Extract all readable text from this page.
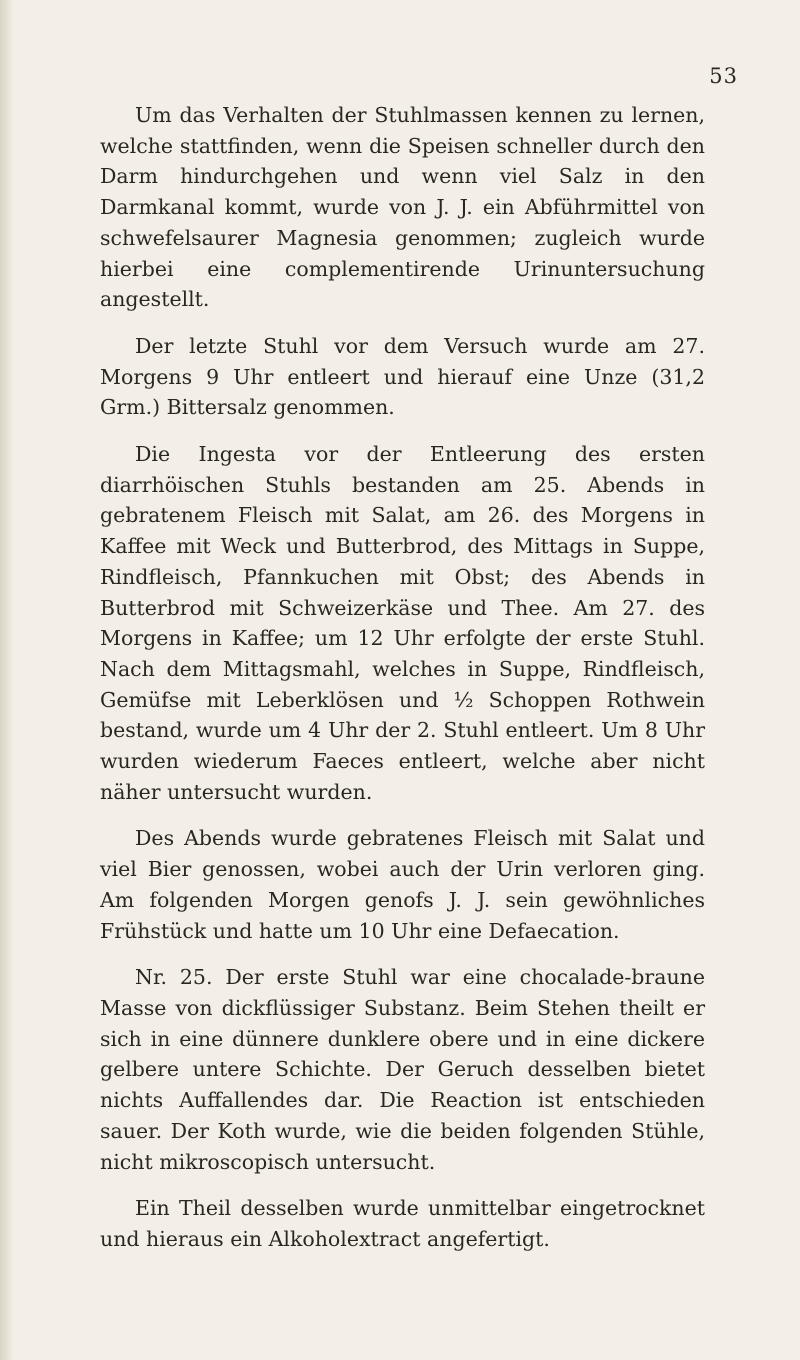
53

Um das Verhalten der Stuhlmassen kennen zu lernen, welche stattfinden, wenn die Speisen schneller durch den Darm hindurchgehen und wenn viel Salz in den Darmkanal kommt, wurde von J. J. ein Abführmittel von schwefelsaurer Magnesia genommen; zugleich wurde hierbei eine complementirende Urinuntersuchung angestellt.

Der letzte Stuhl vor dem Versuch wurde am 27. Morgens 9 Uhr entleert und hierauf eine Unze (31,2 Grm.) Bittersalz genommen.

Die Ingesta vor der Entleerung des ersten diarrhöischen Stuhls bestanden am 25. Abends in gebratenem Fleisch mit Salat, am 26. des Morgens in Kaffee mit Weck und Butterbrod, des Mittags in Suppe, Rindfleisch, Pfannkuchen mit Obst; des Abends in Butterbrod mit Schweizerkäse und Thee. Am 27. des Morgens in Kaffee; um 12 Uhr erfolgte der erste Stuhl. Nach dem Mittagsmahl, welches in Suppe, Rindfleisch, Gemüfse mit Leberklösen und ½ Schoppen Rothwein bestand, wurde um 4 Uhr der 2. Stuhl entleert. Um 8 Uhr wurden wiederum Faeces entleert, welche aber nicht näher untersucht wurden.

Des Abends wurde gebratenes Fleisch mit Salat und viel Bier genossen, wobei auch der Urin verloren ging. Am folgenden Morgen genofs J. J. sein gewöhnliches Frühstück und hatte um 10 Uhr eine Defaecation.

Nr. 25. Der erste Stuhl war eine chocalade-braune Masse von dickflüssiger Substanz. Beim Stehen theilt er sich in eine dünnere dunklere obere und in eine dickere gelbere untere Schichte. Der Geruch desselben bietet nichts Auffallendes dar. Die Reaction ist entschieden sauer. Der Koth wurde, wie die beiden folgenden Stühle, nicht mikroscopisch untersucht.

Ein Theil desselben wurde unmittelbar eingetrocknet und hieraus ein Alkoholextract angefertigt.
